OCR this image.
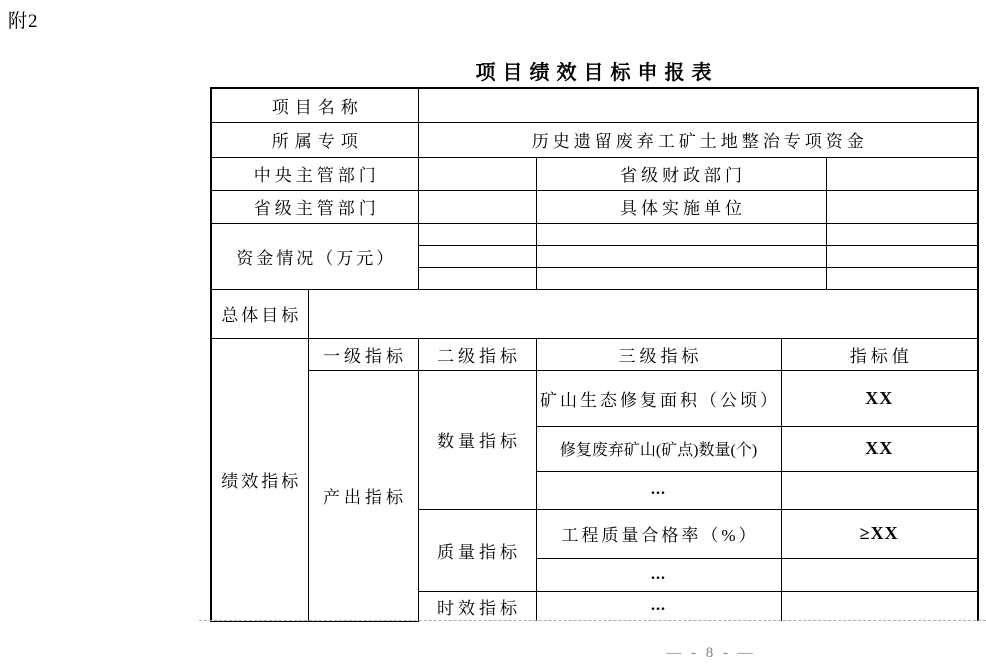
附2
项目绩效目标申报表
项目名称					
所属专项		历史遗留废弃工矿土地整治专项资金			
中央主管部门			省级财政部门		
省级主管部门			具体实施单位		
资金情况（万元）					

总体目标					
绩效指标	一级指标	二级指标	三级指标	指标值	
	产出指标	数量指标	矿山生态修复面积（公顷）	XX	
			修复废弃矿山(矿点)数量(个)	XX	
			...		
		质量指标	工程质量合格率（%）	≥XX	
			...		
		时效指标	...		
— - 8 - —
